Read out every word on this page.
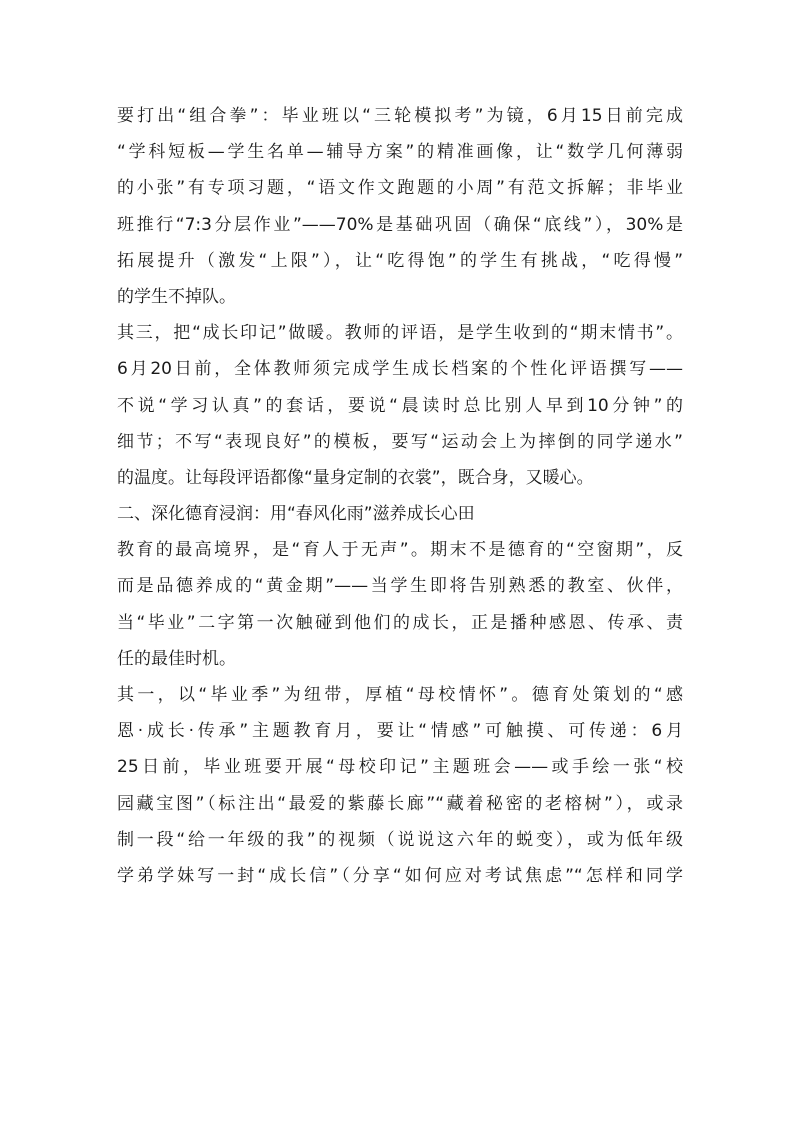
要打出“组合拳”：毕业班以“三轮模拟考”为镜，6月15日前完成
“学科短板—学生名单—辅导方案”的精准画像，让“数学几何薄弱
的小张”有专项习题，“语文作文跑题的小周”有范文拆解；非毕业
班推行“7:3分层作业”——70%是基础巩固（确保“底线”），30%是
拓展提升（激发“上限”），让“吃得饱”的学生有挑战，“吃得慢”
的学生不掉队。
其三，把“成长印记”做暖。教师的评语，是学生收到的“期末情书”。
6月20日前，全体教师须完成学生成长档案的个性化评语撰写——
不说“学习认真”的套话，要说“晨读时总比别人早到10分钟”的
细节；不写“表现良好”的模板，要写“运动会上为摔倒的同学递水”
的温度。让每段评语都像“量身定制的衣裳”，既合身，又暖心。
二、深化德育浸润：用“春风化雨”滋养成长心田
教育的最高境界，是“育人于无声”。期末不是德育的“空窗期”，反
而是品德养成的“黄金期”——当学生即将告别熟悉的教室、伙伴，
当“毕业”二字第一次触碰到他们的成长，正是播种感恩、传承、责
任的最佳时机。
其一，以“毕业季”为纽带，厚植“母校情怀”。德育处策划的“感
恩·成长·传承”主题教育月，要让“情感”可触摸、可传递：6月
25日前，毕业班要开展“母校印记”主题班会——或手绘一张“校
园藏宝图”（标注出“最爱的紫藤长廊”“藏着秘密的老榕树”），或录
制一段“给一年级的我”的视频（说说这六年的蜕变），或为低年级
学弟学妹写一封“成长信”（分享“如何应对考试焦虑”“怎样和同学
